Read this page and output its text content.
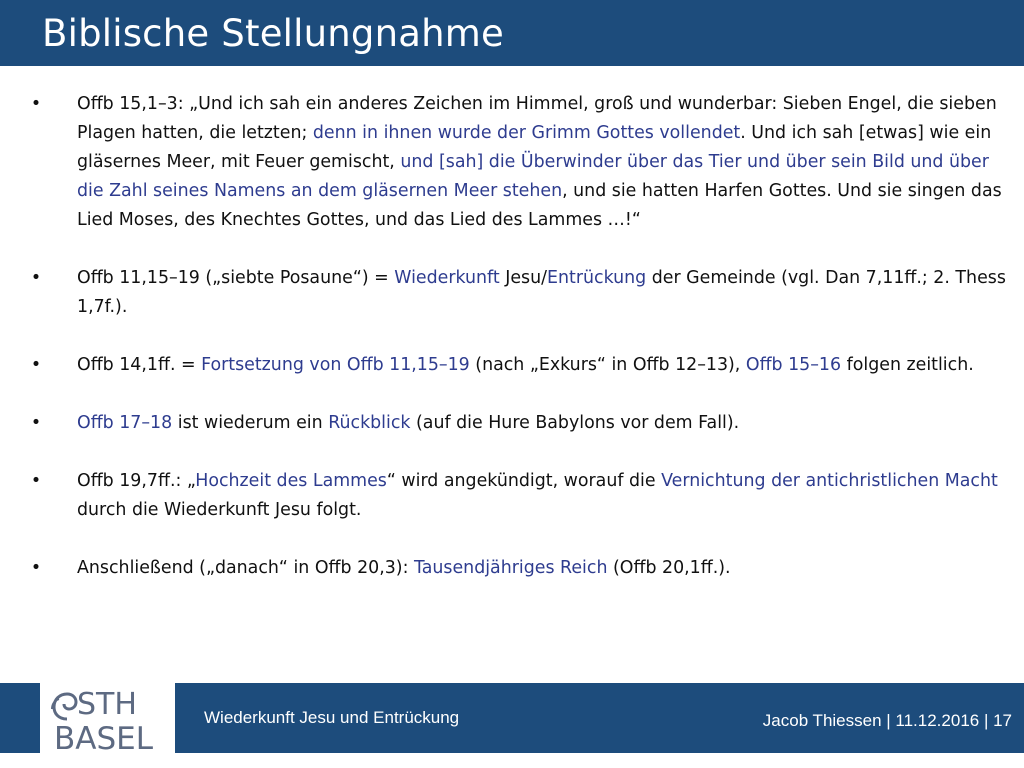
Biblische Stellungnahme
• Offb 15,1–3: „Und ich sah ein anderes Zeichen im Himmel, groß und wunderbar: Sieben Engel, die sieben Plagen hatten, die letzten; denn in ihnen wurde der Grimm Gottes vollendet. Und ich sah [etwas] wie ein gläsernes Meer, mit Feuer gemischt, und [sah] die Überwinder über das Tier und über sein Bild und über die Zahl seines Namens an dem gläsernen Meer stehen, und sie hatten Harfen Gottes. Und sie singen das Lied Moses, des Knechtes Gottes, und das Lied des Lammes …!“
• Offb 11,15–19 („siebte Posaune“) = Wiederkunft Jesu/Entrückung der Gemeinde (vgl. Dan 7,11ff.; 2. Thess 1,7f.).
• Offb 14,1ff. = Fortsetzung von Offb 11,15–19 (nach „Exkurs“ in Offb 12–13), Offb 15–16 folgen zeitlich.
• Offb 17–18 ist wiederum ein Rückblick (auf die Hure Babylons vor dem Fall).
• Offb 19,7ff.: „Hochzeit des Lammes“ wird angekündigt, worauf die Vernichtung der antichristlichen Macht durch die Wiederkunft Jesu folgt.
• Anschließend („danach“ in Offb 20,3): Tausendjähriges Reich (Offb 20,1ff.).
STH
BASEL
Wiederkunft Jesu und Entrückung	Jacob Thiessen | 11.12.2016 | 17
